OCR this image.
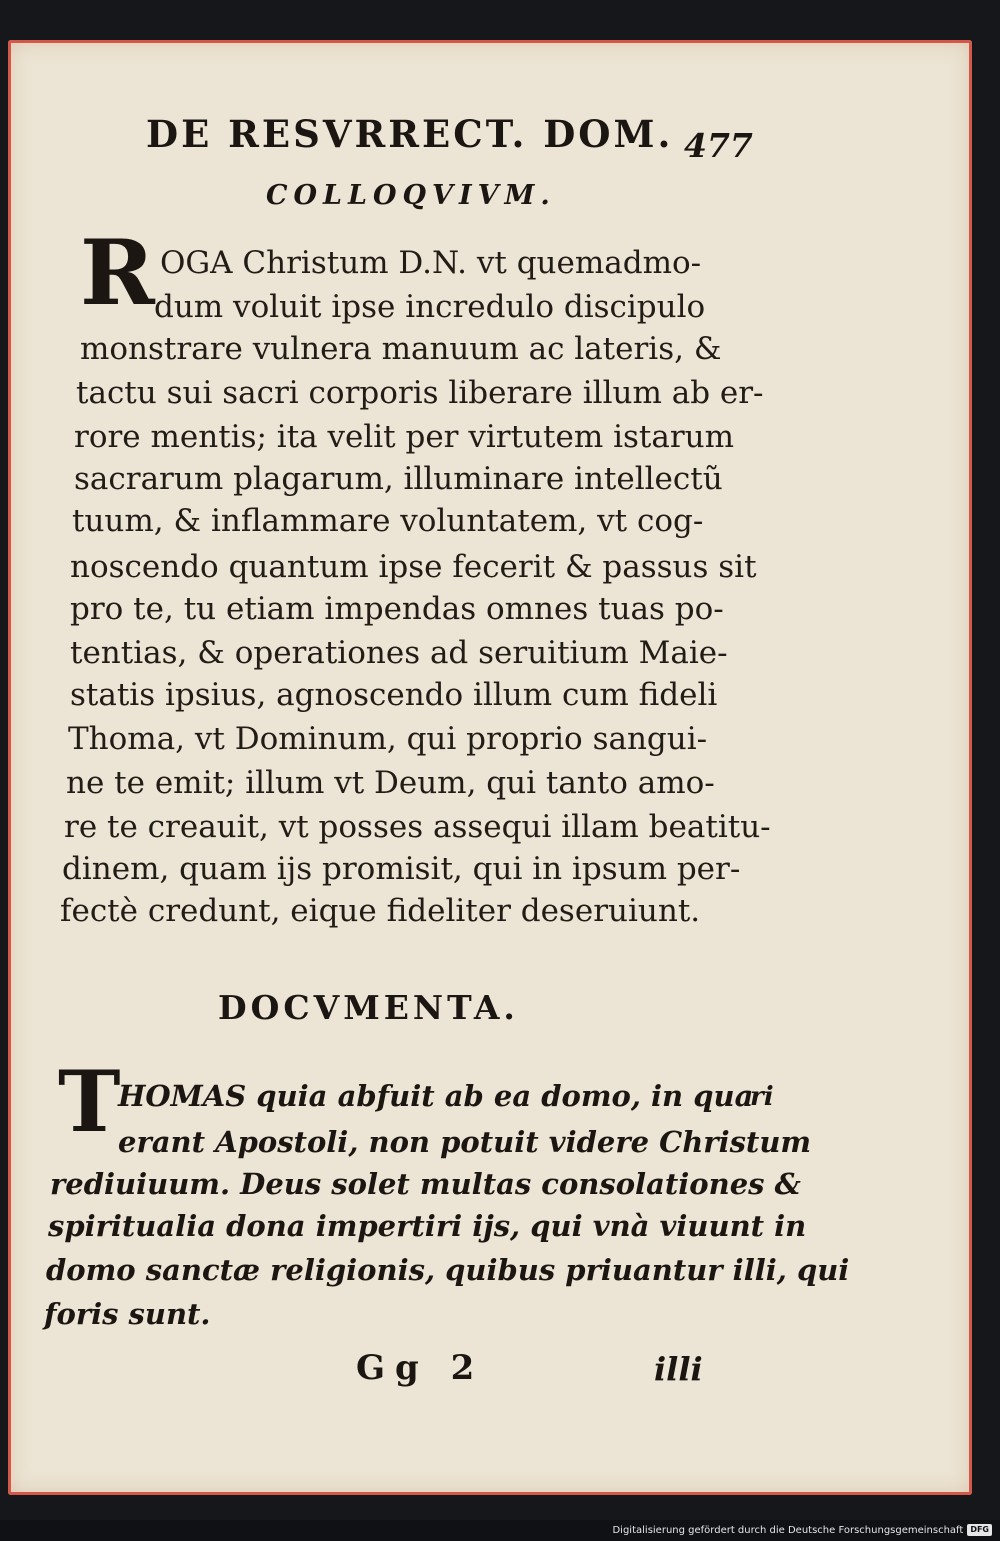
DE RESVRRECT. DOM. 477
COLLOQVIVM.
R OGA Christum D.N. vt quemadmo-
dum voluit ipse incredulo discipulo
monstrare vulnera manuum ac lateris, &
tactu sui sacri corporis liberare illum ab er-
rore mentis; ita velit per virtutem istarum
sacrarum plagarum, illuminare intellectũ
tuum, & inflammare voluntatem, vt cog-
noscendo quantum ipse fecerit & passus sit
pro te, tu etiam impendas omnes tuas po-
tentias, & operationes ad seruitium Maie-
statis ipsius, agnoscendo illum cum fideli
Thoma, vt Dominum, qui proprio sangui-
ne te emit; illum vt Deum, qui tanto amo-
re te creauit, vt posses assequi illam beatitu-
dinem, quam ijs promisit, qui in ipsum per-
fectè credunt, eique fideliter deseruiunt.
DOCVMENTA.
T
HOMAS quia abfuit ab ea domo, in qua
erant Apostoli, non potuit videre Christum
rediuiuum. Deus solet multas consolationes &
spiritualia dona impertiri ijs, qui vnà viuunt in
domo sanctæ religionis, quibus priuantur illi, qui
foris sunt.
ri
Gg 2	illi
Digitalisierung gefördert durch die Deutsche Forschungsgemeinschaft DFG
